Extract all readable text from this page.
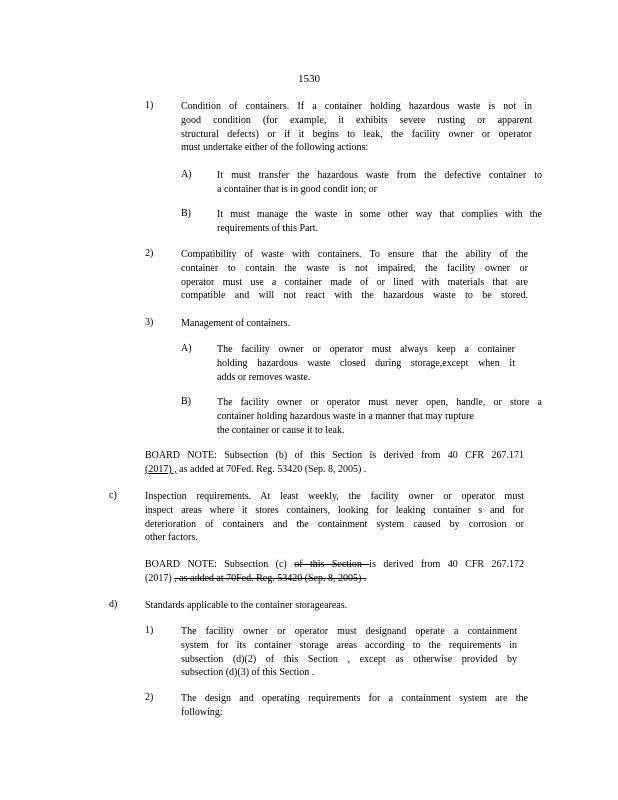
1530
1)	Condition of containers. If a container holding hazardous waste is not in
good condition (for example, it exhibits severe rusting or apparent
structural defects) or if it begins to leak, the facility owner or operator
must undertake either of the following actions:
A)	It must transfer the hazardous waste from the defective container to
a container that is in good condit ion; or
B)	It must manage the waste in some other way that complies with the
requirements of this Part.
2)	Compatibility of waste with containers. To ensure that the ability of the
container to contain the waste is not impaired, the facility owner or
operator must use a container made of or lined with materials that are
compatible and will not react with the hazardous waste to be stored.
3)	Management of containers.
A)	The facility owner or operator must always keep a container
holding hazardous waste closed during storage,except when it
adds or removes waste.
B)	The facility owner or operator must never open, handle, or store a
container holding hazardous waste in a manner that may rupture
the container or cause it to leak.
BOARD NOTE: Subsection (b) of this Section is derived from 40 CFR 267.171
(2017) , as added at 70Fed. Reg. 53420 (Sep. 8, 2005) .
c)	Inspection requirements. At least weekly, the facility owner or operator must
inspect areas where it stores containers, looking for leaking container s and for
deterioration of containers and the containment system caused by corrosion or
other factors.
BOARD NOTE: Subsection (c) of this Section is derived from 40 CFR 267.172
(2017) , as added at 70Fed. Reg. 53420 (Sep. 8, 2005) .
d)	Standards applicable to the container storageareas.
1)	The facility owner or operator must designand operate a containment
system for its container storage areas according to the requirements in
subsection (d)(2) of this Section , except as otherwise provided by
subsection (d)(3) of this Section .
2)	The design and operating requirements for a containment system are the
following:
